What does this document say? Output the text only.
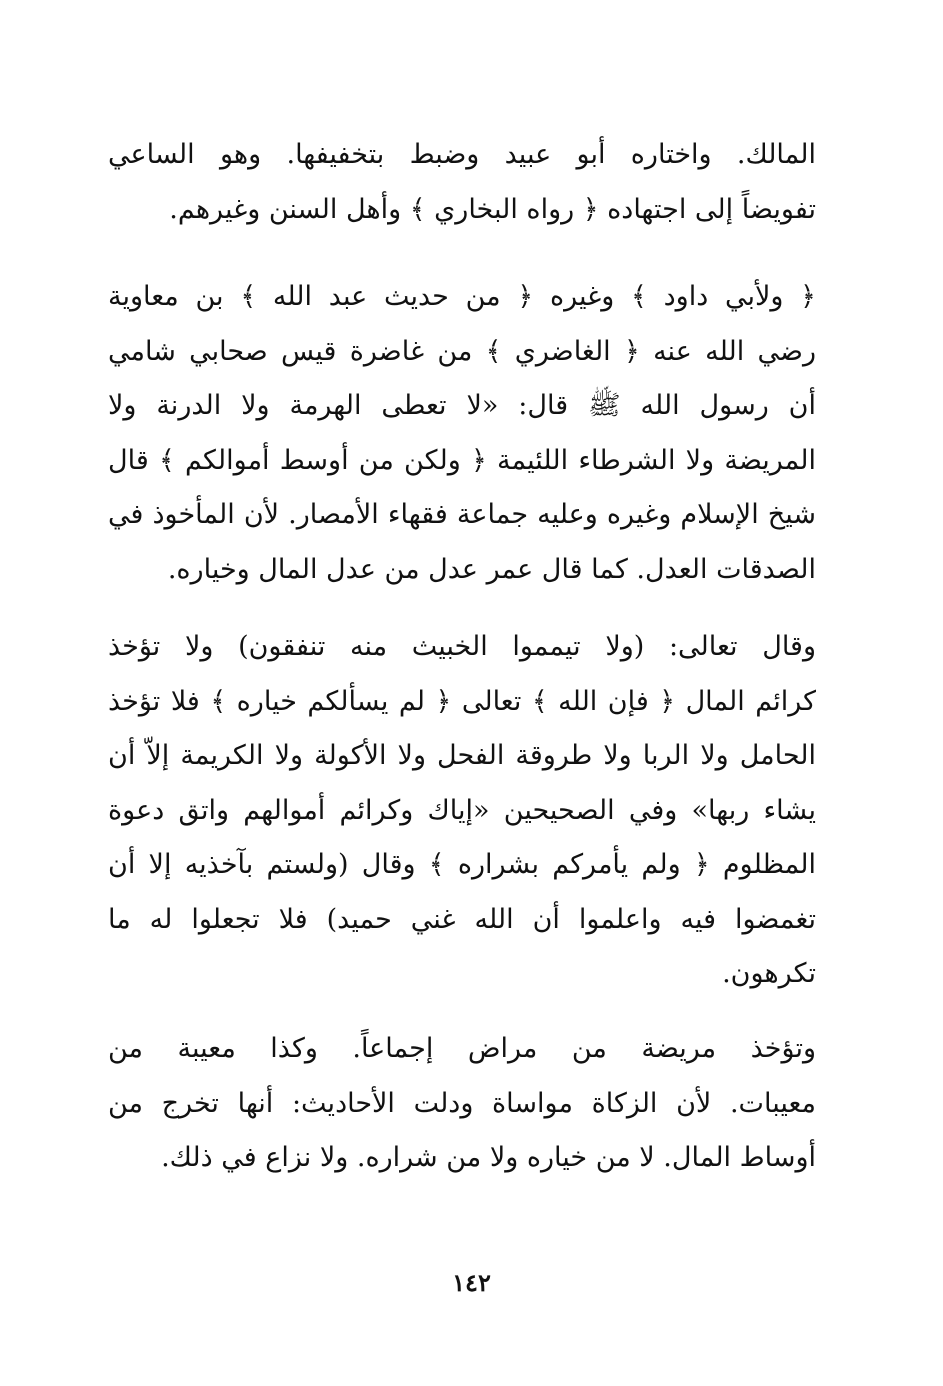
المالك. واختاره أبو عبيد وضبط بتخفيفها. وهو الساعي
تفويضاً إلى اجتهاده ﴿ رواه البخاري ﴾ وأهل السنن وغيرهم.
﴿ ولأبي داود ﴾ وغيره ﴿ من حديث عبد الله ﴾ بن معاوية
رضي الله عنه ﴿ الغاضري ﴾ من غاضرة قيس صحابي شامي
أن رسول الله ﷺ قال: «لا تعطى الهرمة ولا الدرنة ولا
المريضة ولا الشرطاء اللئيمة ﴿ ولكن من أوسط أموالكم ﴾ قال
شيخ الإسلام وغيره وعليه جماعة فقهاء الأمصار. لأن المأخوذ في
الصدقات العدل. كما قال عمر عدل من عدل المال وخياره.
وقال تعالى: (ولا تيمموا الخبيث منه تنفقون) ولا تؤخذ
كرائم المال ﴿ فإن الله ﴾ تعالى ﴿ لم يسألكم خياره ﴾ فلا تؤخذ
الحامل ولا الربا ولا طروقة الفحل ولا الأكولة ولا الكريمة إلاّ أن
يشاء ربها» وفي الصحيحين «إياك وكرائم أموالهم واتق دعوة
المظلوم ﴿ ولم يأمركم بشراره ﴾ وقال (ولستم بآخذيه إلا أن
تغمضوا فيه واعلموا أن الله غني حميد) فلا تجعلوا له ما
تكرهون.
وتؤخذ مريضة من مراض إجماعاً. وكذا معيبة من
معيبات. لأن الزكاة مواساة ودلت الأحاديث: أنها تخرج من
أوساط المال. لا من خياره ولا من شراره. ولا نزاع في ذلك.
١٤٢
